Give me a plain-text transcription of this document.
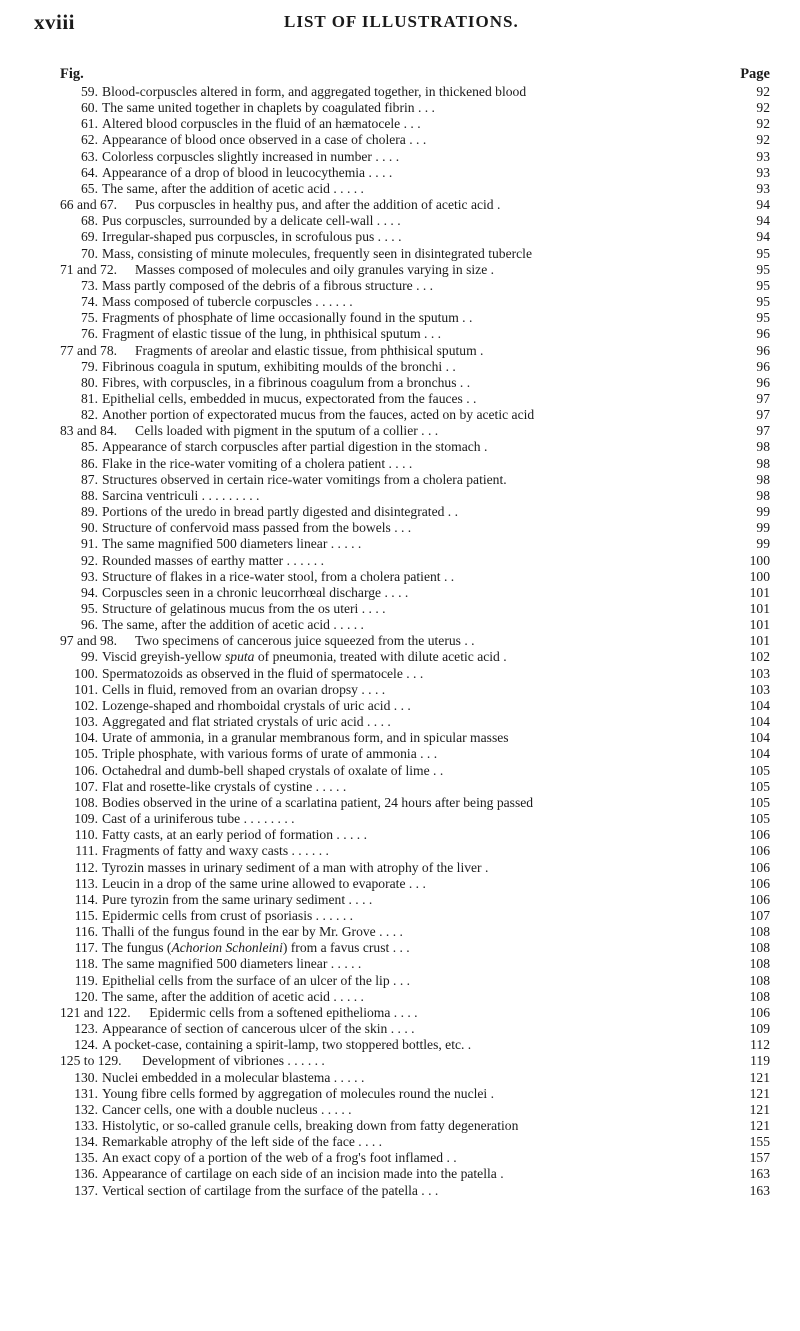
xviii	LIST OF ILLUSTRATIONS.
Fig.	Page
59. Blood-corpuscles altered in form, and aggregated together, in thickened blood	92
60. The same united together in chaplets by coagulated fibrin . . .	92
61. Altered blood corpuscles in the fluid of an hæmatocele . . .	92
62. Appearance of blood once observed in a case of cholera . . .	92
63. Colorless corpuscles slightly increased in number . . . .	93
64. Appearance of a drop of blood in leucocythemia . . . .	93
65. The same, after the addition of acetic acid . . . . .	93
66 and 67. Pus corpuscles in healthy pus, and after the addition of acetic acid .	94
68. Pus corpuscles, surrounded by a delicate cell-wall . . . .	94
69. Irregular-shaped pus corpuscles, in scrofulous pus . . . .	94
70. Mass, consisting of minute molecules, frequently seen in disintegrated tubercle	95
71 and 72. Masses composed of molecules and oily granules varying in size .	95
73. Mass partly composed of the debris of a fibrous structure . . .	95
74. Mass composed of tubercle corpuscles . . . . . .	95
75. Fragments of phosphate of lime occasionally found in the sputum . .	95
76. Fragment of elastic tissue of the lung, in phthisical sputum . . .	96
77 and 78. Fragments of areolar and elastic tissue, from phthisical sputum .	96
79. Fibrinous coagula in sputum, exhibiting moulds of the bronchi . .	96
80. Fibres, with corpuscles, in a fibrinous coagulum from a bronchus . .	96
81. Epithelial cells, embedded in mucus, expectorated from the fauces . .	97
82. Another portion of expectorated mucus from the fauces, acted on by acetic acid	97
83 and 84. Cells loaded with pigment in the sputum of a collier . . .	97
85. Appearance of starch corpuscles after partial digestion in the stomach .	98
86. Flake in the rice-water vomiting of a cholera patient . . . .	98
87. Structures observed in certain rice-water vomitings from a cholera patient.	98
88. Sarcina ventriculi . . . . . . . . .	98
89. Portions of the uredo in bread partly digested and disintegrated . .	99
90. Structure of confervoid mass passed from the bowels . . .	99
91. The same magnified 500 diameters linear . . . . .	99
92. Rounded masses of earthy matter . . . . . .	100
93. Structure of flakes in a rice-water stool, from a cholera patient . .	100
94. Corpuscles seen in a chronic leucorrhœal discharge . . . .	101
95. Structure of gelatinous mucus from the os uteri . . . .	101
96. The same, after the addition of acetic acid . . . . .	101
97 and 98. Two specimens of cancerous juice squeezed from the uterus . .	101
99. Viscid greyish-yellow sputa of pneumonia, treated with dilute acetic acid .	102
100. Spermatozoids as observed in the fluid of spermatocele . . .	103
101. Cells in fluid, removed from an ovarian dropsy . . . .	103
102. Lozenge-shaped and rhomboidal crystals of uric acid . . .	104
103. Aggregated and flat striated crystals of uric acid . . . .	104
104. Urate of ammonia, in a granular membranous form, and in spicular masses	104
105. Triple phosphate, with various forms of urate of ammonia . . .	104
106. Octahedral and dumb-bell shaped crystals of oxalate of lime . .	105
107. Flat and rosette-like crystals of cystine . . . . .	105
108. Bodies observed in the urine of a scarlatina patient, 24 hours after being passed	105
109. Cast of a uriniferous tube . . . . . . . .	105
110. Fatty casts, at an early period of formation . . . . .	106
111. Fragments of fatty and waxy casts . . . . . .	106
112. Tyrozin masses in urinary sediment of a man with atrophy of the liver .	106
113. Leucin in a drop of the same urine allowed to evaporate . . .	106
114. Pure tyrozin from the same urinary sediment . . . .	106
115. Epidermic cells from crust of psoriasis . . . . . .	107
116. Thalli of the fungus found in the ear by Mr. Grove . . . .	108
117. The fungus (Achorion Schonleini) from a favus crust . . .	108
118. The same magnified 500 diameters linear . . . . .	108
119. Epithelial cells from the surface of an ulcer of the lip . . .	108
120. The same, after the addition of acetic acid . . . . .	108
121 and 122. Epidermic cells from a softened epithelioma . . . .	106
123. Appearance of section of cancerous ulcer of the skin . . . .	109
124. A pocket-case, containing a spirit-lamp, two stoppered bottles, etc. .	112
125 to 129. Development of vibriones . . . . . .	119
130. Nuclei embedded in a molecular blastema . . . . .	121
131. Young fibre cells formed by aggregation of molecules round the nuclei .	121
132. Cancer cells, one with a double nucleus . . . . .	121
133. Histolytic, or so-called granule cells, breaking down from fatty degeneration	121
134. Remarkable atrophy of the left side of the face . . . .	155
135. An exact copy of a portion of the web of a frog's foot inflamed . .	157
136. Appearance of cartilage on each side of an incision made into the patella .	163
137. Vertical section of cartilage from the surface of the patella . . .	163
